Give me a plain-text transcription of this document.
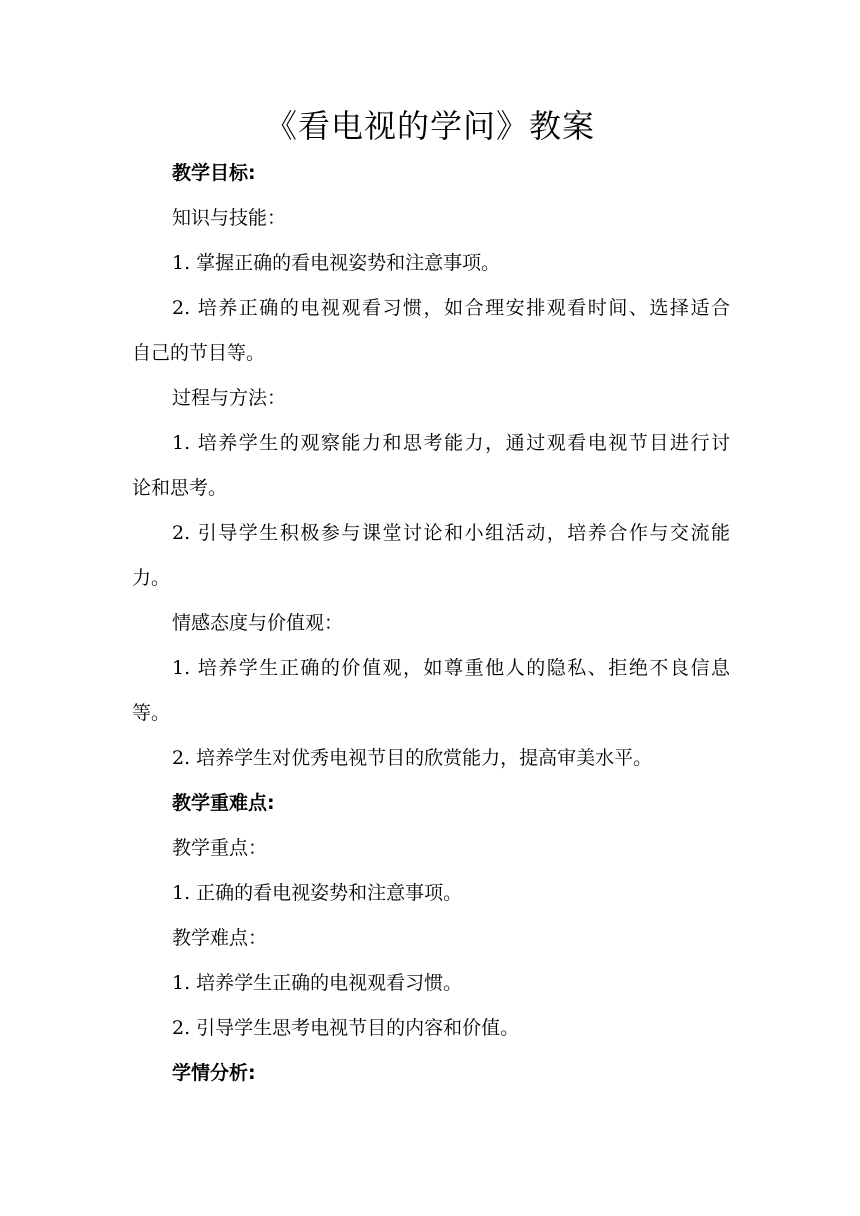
《看电视的学问》教案
教学目标:
知识与技能：
1. 掌握正确的看电视姿势和注意事项。
2. 培养正确的电视观看习惯，如合理安排观看时间、选择适合
自己的节目等。
过程与方法：
1. 培养学生的观察能力和思考能力，通过观看电视节目进行讨
论和思考。
2. 引导学生积极参与课堂讨论和小组活动，培养合作与交流能
力。
情感态度与价值观：
1. 培养学生正确的价值观，如尊重他人的隐私、拒绝不良信息
等。
2. 培养学生对优秀电视节目的欣赏能力，提高审美水平。
教学重难点:
教学重点：
1. 正确的看电视姿势和注意事项。
教学难点：
1. 培养学生正确的电视观看习惯。
2. 引导学生思考电视节目的内容和价值。
学情分析:
